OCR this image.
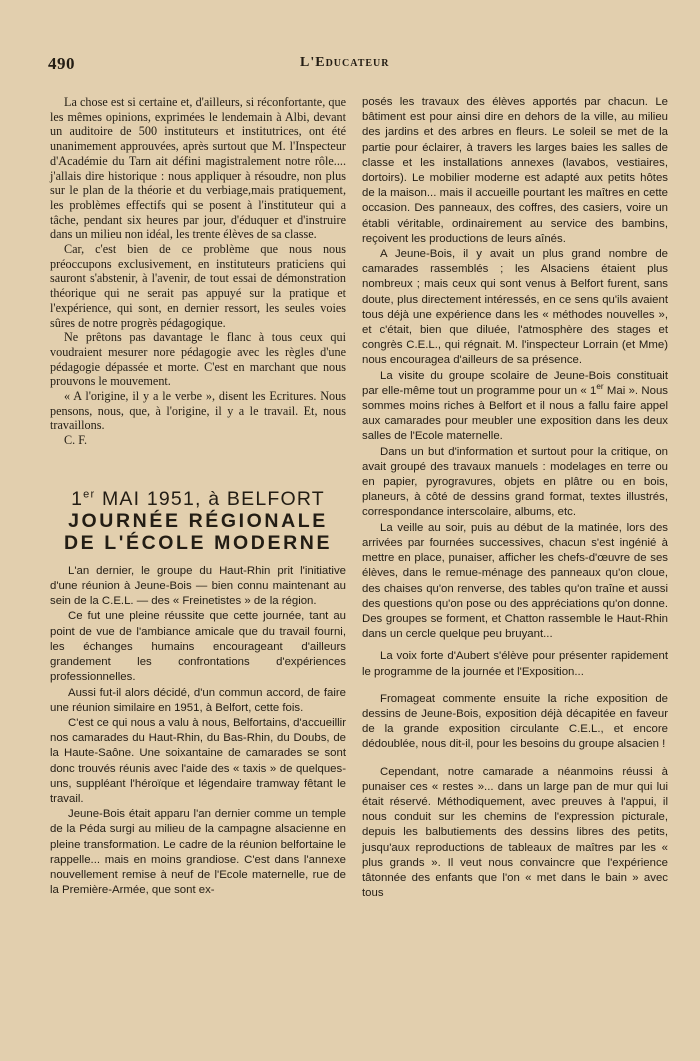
490	L'Educateur

La chose est si certaine et, d'ailleurs, si réconfortante, que les mêmes opinions, exprimées le lendemain à Albi, devant un auditoire de 500 instituteurs et institutrices, ont été unanimement approuvées, après surtout que M. l'Inspecteur d'Académie du Tarn ait défini magistralement notre rôle.... j'allais dire historique : nous appliquer à résoudre, non plus sur le plan de la théorie et du verbiage,mais pratiquement, les problèmes effectifs qui se posent à l'instituteur qui a tâche, pendant six heures par jour, d'éduquer et d'instruire dans un milieu non idéal, les trente élèves de sa classe.

Car, c'est bien de ce problème que nous nous préoccupons exclusivement, en instituteurs praticiens qui sauront s'abstenir, à l'avenir, de tout essai de démonstration théorique qui ne serait pas appuyé sur la pratique et l'expérience, qui sont, en dernier ressort, les seules voies sûres de notre progrès pédagogique.

Ne prêtons pas davantage le flanc à tous ceux qui voudraient mesurer nore pédagogie avec les règles d'une pédagogie dépassée et morte. C'est en marchant que nous prouvons le mouvement.

« A l'origine, il y a le verbe », disent les Ecritures. Nous pensons, nous, que, à l'origine, il y a le travail. Et, nous travaillons.

C. F.

1er MAI 1951, à BELFORT
JOURNÉE RÉGIONALE
DE L'ÉCOLE MODERNE

L'an dernier, le groupe du Haut-Rhin prit l'initiative d'une réunion à Jeune-Bois — bien connu maintenant au sein de la C.E.L. — des « Freinetistes » de la région.

Ce fut une pleine réussite que cette journée, tant au point de vue de l'ambiance amicale que du travail fourni, les échanges humains encourageant d'ailleurs grandement les confrontations d'expériences professionnelles.

Aussi fut-il alors décidé, d'un commun accord, de faire une réunion similaire en 1951, à Belfort, cette fois.

C'est ce qui nous a valu à nous, Belfortains, d'accueillir nos camarades du Haut-Rhin, du Bas-Rhin, du Doubs, de la Haute-Saône. Une soixantaine de camarades se sont donc trouvés réunis avec l'aide des « taxis » de quelques-uns, suppléant l'héroïque et légendaire tramway fêtant le travail.

Jeune-Bois était apparu l'an dernier comme un temple de la Péda surgi au milieu de la campagne alsacienne en pleine transformation. Le cadre de la réunion belfortaine le rappelle... mais en moins grandiose. C'est dans l'annexe nouvellement remise à neuf de l'Ecole maternelle, rue de la Première-Armée, que sont ex-

posés les travaux des élèves apportés par chacun. Le bâtiment est pour ainsi dire en dehors de la ville, au milieu des jardins et des arbres en fleurs. Le soleil se met de la partie pour éclairer, à travers les larges baies les salles de classe et les installations annexes (lavabos, vestiaires, dortoirs). Le mobilier moderne est adapté aux petits hôtes de la maison... mais il accueille pourtant les maîtres en cette occasion. Des panneaux, des coffres, des casiers, voire un établi véritable, ordinairement au service des bambins, reçoivent les productions de leurs aînés.

A Jeune-Bois, il y avait un plus grand nombre de camarades rassemblés ; les Alsaciens étaient plus nombreux ; mais ceux qui sont venus à Belfort furent, sans doute, plus directement intéressés, en ce sens qu'ils avaient tous déjà une expérience dans les « méthodes nouvelles », et c'était, bien que diluée, l'atmosphère des stages et congrès C.E.L., qui régnait. M. l'inspecteur Lorrain (et Mme) nous encouragea d'ailleurs de sa présence.

La visite du groupe scolaire de Jeune-Bois constituait par elle-même tout un programme pour un « 1er Mai ». Nous sommes moins riches à Belfort et il nous a fallu faire appel aux camarades pour meubler une exposition dans les deux salles de l'Ecole maternelle.

Dans un but d'information et surtout pour la critique, on avait groupé des travaux manuels : modelages en terre ou en papier, pyrogravures, objets en plâtre ou en bois, planeurs, à côté de dessins grand format, textes illustrés, correspondance interscolaire, albums, etc.

La veille au soir, puis au début de la matinée, lors des arrivées par fournées successives, chacun s'est ingénié à mettre en place, punaiser, afficher les chefs-d'œuvre de ses élèves, dans le remue-ménage des panneaux qu'on cloue, des chaises qu'on renverse, des tables qu'on traîne et aussi des questions qu'on pose ou des appréciations qu'on donne. Des groupes se forment, et Chatton rassemble le Haut-Rhin dans un cercle quelque peu bruyant...

La voix forte d'Aubert s'élève pour présenter rapidement le programme de la journée et l'Exposition...

Fromageat commente ensuite la riche exposition de dessins de Jeune-Bois, exposition déjà décapitée en faveur de la grande exposition circulante C.E.L., et encore dédoublée, nous dit-il, pour les besoins du groupe alsacien !

Cependant, notre camarade a néanmoins réussi à punaiser ces « restes »... dans un large pan de mur qui lui était réservé. Méthodiquement, avec preuves à l'appui, il nous conduit sur les chemins de l'expression picturale, depuis les balbutiements des dessins libres des petits, jusqu'aux reproductions de tableaux de maîtres par les « plus grands ». Il veut nous convaincre que l'expérience tâtonnée des enfants que l'on « met dans le bain » avec tous
